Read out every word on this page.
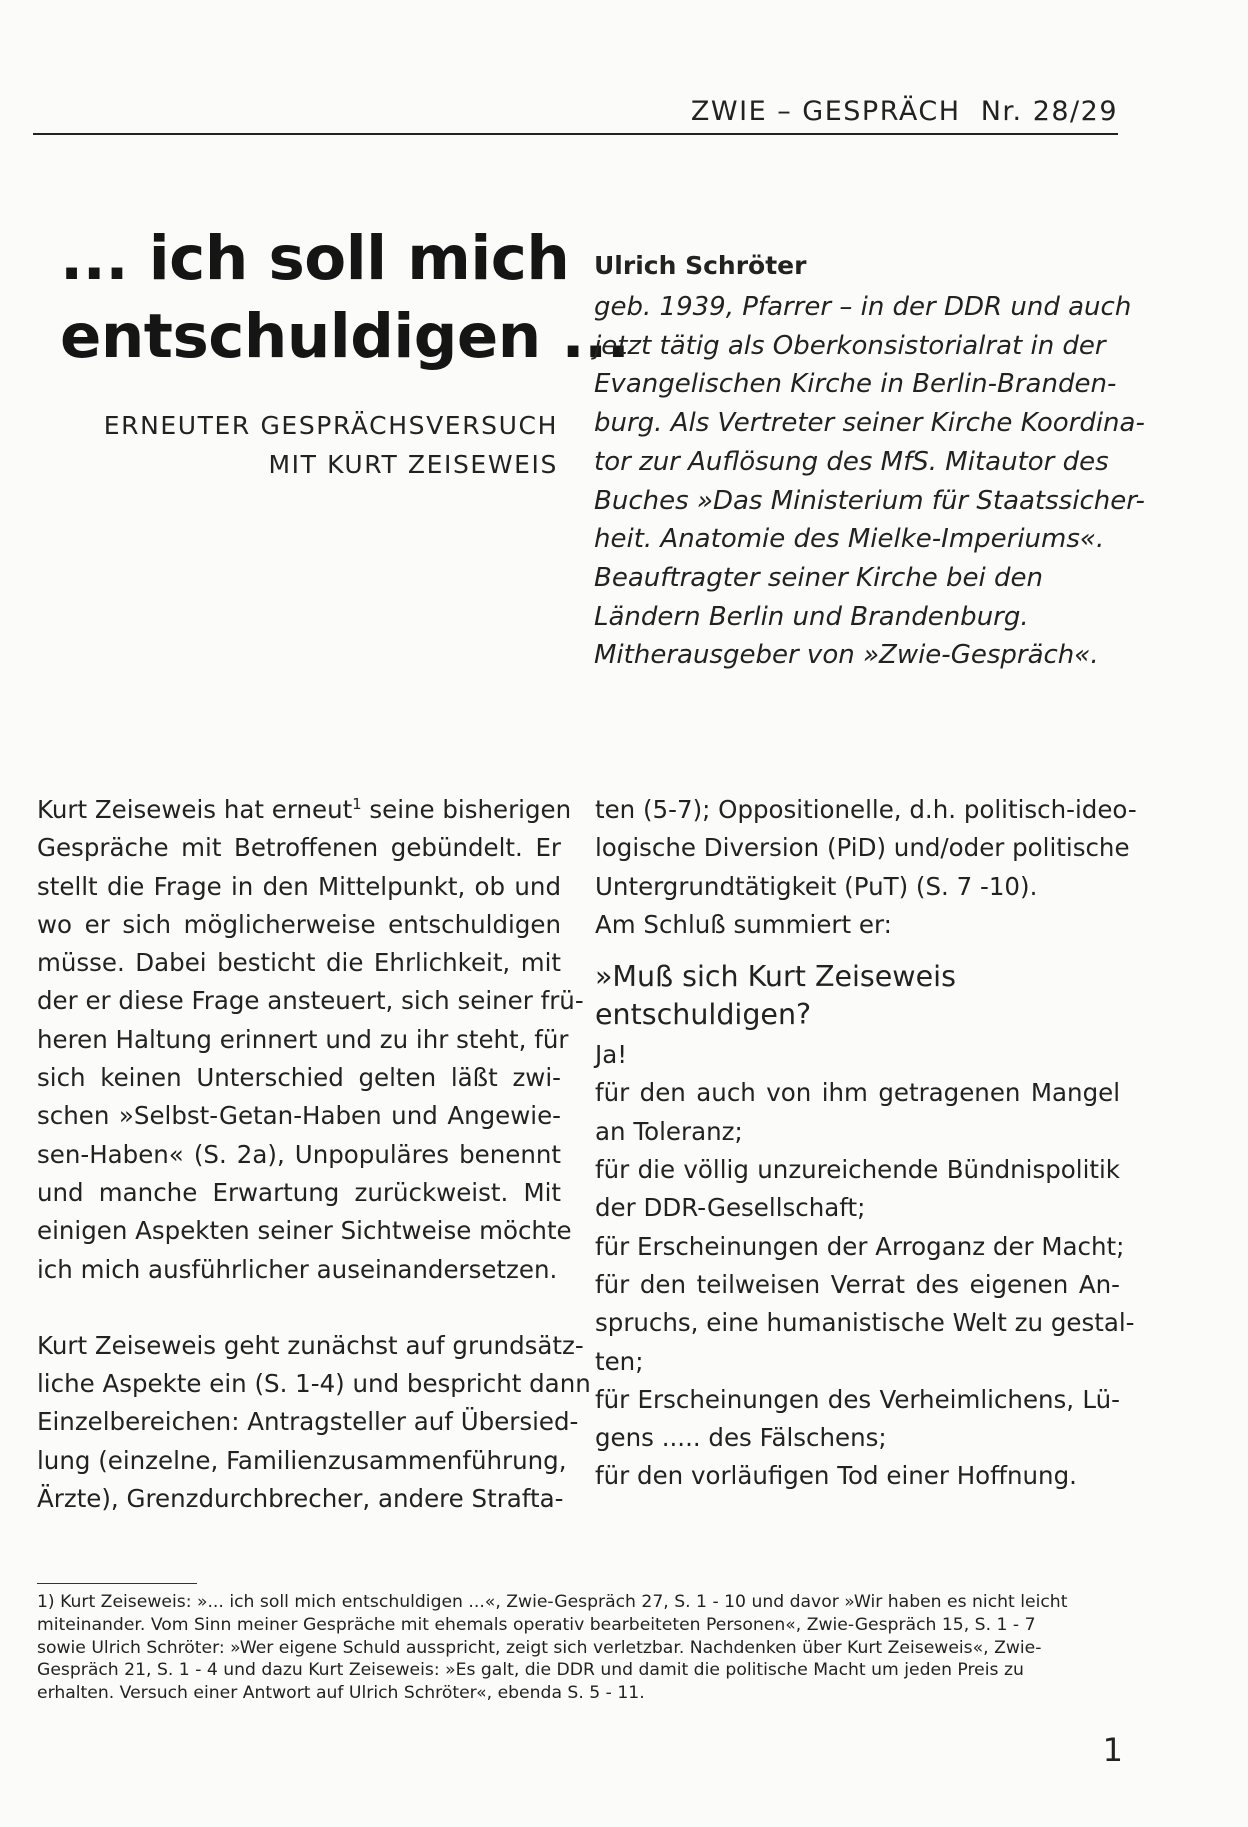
ZWIE – GESPRÄCH Nr. 28/29
... ich soll mich
entschuldigen ...
ERNEUTER GESPRÄCHSVERSUCH
MIT KURT ZEISEWEIS
Ulrich Schröter
geb. 1939, Pfarrer – in der DDR und auch
jetzt tätig als Oberkonsistorialrat in der
Evangelischen Kirche in Berlin-Branden-
burg. Als Vertreter seiner Kirche Koordina-
tor zur Auflösung des MfS. Mitautor des
Buches »Das Ministerium für Staatssicher-
heit. Anatomie des Mielke-Imperiums«.
Beauftragter seiner Kirche bei den
Ländern Berlin und Brandenburg.
Mitherausgeber von »Zwie-Gespräch«.
Kurt Zeiseweis hat erneut$^1$ seine bisherigen
Gespräche mit Betroffenen gebündelt. Er
stellt die Frage in den Mittelpunkt, ob und
wo er sich möglicherweise entschuldigen
müsse. Dabei besticht die Ehrlichkeit, mit
der er diese Frage ansteuert, sich seiner frü-
heren Haltung erinnert und zu ihr steht, für
sich keinen Unterschied gelten läßt zwi-
schen »Selbst-Getan-Haben und Angewie-
sen-Haben« (S. 2a), Unpopuläres benennt
und manche Erwartung zurückweist. Mit
einigen Aspekten seiner Sichtweise möchte
ich mich ausführlicher auseinandersetzen.
Kurt Zeiseweis geht zunächst auf grundsätz-
liche Aspekte ein (S. 1-4) und bespricht dann
Einzelbereichen: Antragsteller auf Übersied-
lung (einzelne, Familienzusammenführung,
Ärzte), Grenzdurchbrecher, andere Strafta-
ten (5-7); Oppositionelle, d.h. politisch-ideo-
logische Diversion (PiD) und/oder politische
Untergrundtätigkeit (PuT) (S. 7 -10).
Am Schluß summiert er:
»Muß sich Kurt Zeiseweis
entschuldigen?
Ja!
für den auch von ihm getragenen Mangel
an Toleranz;
für die völlig unzureichende Bündnispolitik
der DDR-Gesellschaft;
für Erscheinungen der Arroganz der Macht;
für den teilweisen Verrat des eigenen An-
spruchs, eine humanistische Welt zu gestal-
ten;
für Erscheinungen des Verheimlichens, Lü-
gens ..... des Fälschens;
für den vorläufigen Tod einer Hoffnung.
1) Kurt Zeiseweis: »... ich soll mich entschuldigen ...«, Zwie-Gespräch 27, S. 1 - 10 und davor »Wir haben es nicht leicht
miteinander. Vom Sinn meiner Gespräche mit ehemals operativ bearbeiteten Personen«, Zwie-Gespräch 15, S. 1 - 7
sowie Ulrich Schröter: »Wer eigene Schuld ausspricht, zeigt sich verletzbar. Nachdenken über Kurt Zeiseweis«, Zwie-
Gespräch 21, S. 1 - 4 und dazu Kurt Zeiseweis: »Es galt, die DDR und damit die politische Macht um jeden Preis zu
erhalten. Versuch einer Antwort auf Ulrich Schröter«, ebenda S. 5 - 11.
1
